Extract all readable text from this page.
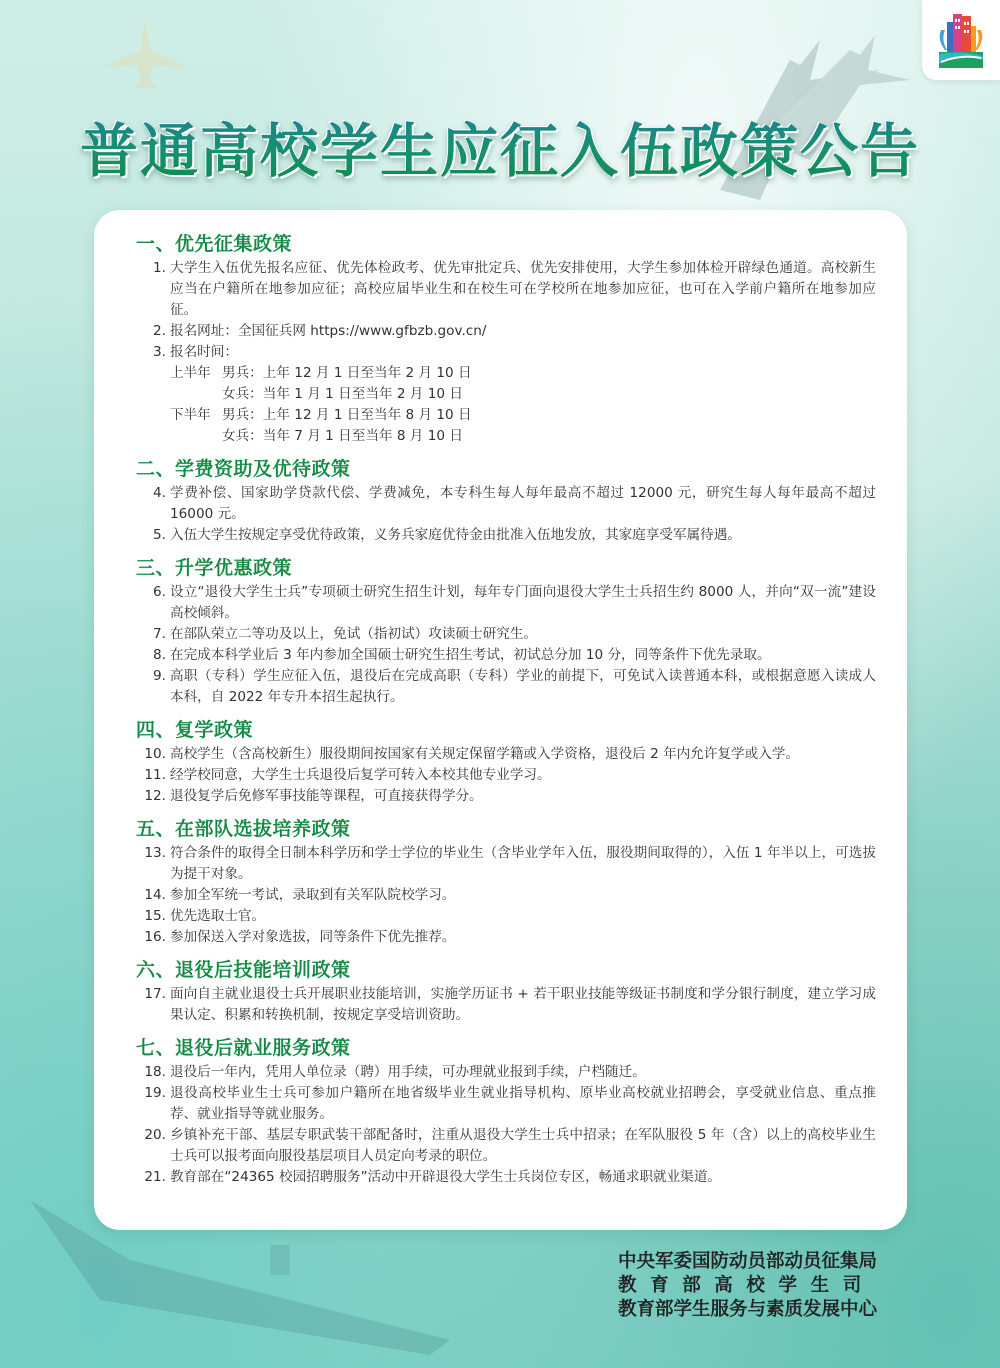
普通高校学生应征入伍政策公告
一、优先征集政策
1. 大学生入伍优先报名应征、优先体检政考、优先审批定兵、优先安排使用，大学生参加体检开辟绿色通道。高校新生应当在户籍所在地参加应征；高校应届毕业生和在校生可在学校所在地参加应征，也可在入学前户籍所在地参加应征。
2. 报名网址：全国征兵网 https://www.gfbzb.gov.cn/
3. 报名时间：
上半年 男兵：上年 12 月 1 日至当年 2 月 10 日
女兵：当年 1 月 1 日至当年 2 月 10 日
下半年 男兵：上年 12 月 1 日至当年 8 月 10 日
女兵：当年 7 月 1 日至当年 8 月 10 日
二、学费资助及优待政策
4. 学费补偿、国家助学贷款代偿、学费减免，本专科生每人每年最高不超过 12000 元，研究生每人每年最高不超过 16000 元。
5. 入伍大学生按规定享受优待政策，义务兵家庭优待金由批准入伍地发放，其家庭享受军属待遇。
三、升学优惠政策
6. 设立“退役大学生士兵”专项硕士研究生招生计划，每年专门面向退役大学生士兵招生约 8000 人，并向“双一流”建设高校倾斜。
7. 在部队荣立二等功及以上，免试（指初试）攻读硕士研究生。
8. 在完成本科学业后 3 年内参加全国硕士研究生招生考试，初试总分加 10 分，同等条件下优先录取。
9. 高职（专科）学生应征入伍，退役后在完成高职（专科）学业的前提下，可免试入读普通本科，或根据意愿入读成人本科，自 2022 年专升本招生起执行。
四、复学政策
10. 高校学生（含高校新生）服役期间按国家有关规定保留学籍或入学资格，退役后 2 年内允许复学或入学。
11. 经学校同意，大学生士兵退役后复学可转入本校其他专业学习。
12. 退役复学后免修军事技能等课程，可直接获得学分。
五、在部队选拔培养政策
13. 符合条件的取得全日制本科学历和学士学位的毕业生（含毕业学年入伍，服役期间取得的），入伍 1 年半以上，可选拔为提干对象。
14. 参加全军统一考试，录取到有关军队院校学习。
15. 优先选取士官。
16. 参加保送入学对象选拔，同等条件下优先推荐。
六、退役后技能培训政策
17. 面向自主就业退役士兵开展职业技能培训，实施学历证书 + 若干职业技能等级证书制度和学分银行制度，建立学习成果认定、积累和转换机制，按规定享受培训资助。
七、退役后就业服务政策
18. 退役后一年内，凭用人单位录（聘）用手续，可办理就业报到手续，户档随迁。
19. 退役高校毕业生士兵可参加户籍所在地省级毕业生就业指导机构、原毕业高校就业招聘会，享受就业信息、重点推荐、就业指导等就业服务。
20. 乡镇补充干部、基层专职武装干部配备时，注重从退役大学生士兵中招录；在军队服役 5 年（含）以上的高校毕业生士兵可以报考面向服役基层项目人员定向考录的职位。
21. 教育部在“24365 校园招聘服务”活动中开辟退役大学生士兵岗位专区，畅通求职就业渠道。
中央军委国防动员部动员征集局
教育部高校学生司
教育部学生服务与素质发展中心
